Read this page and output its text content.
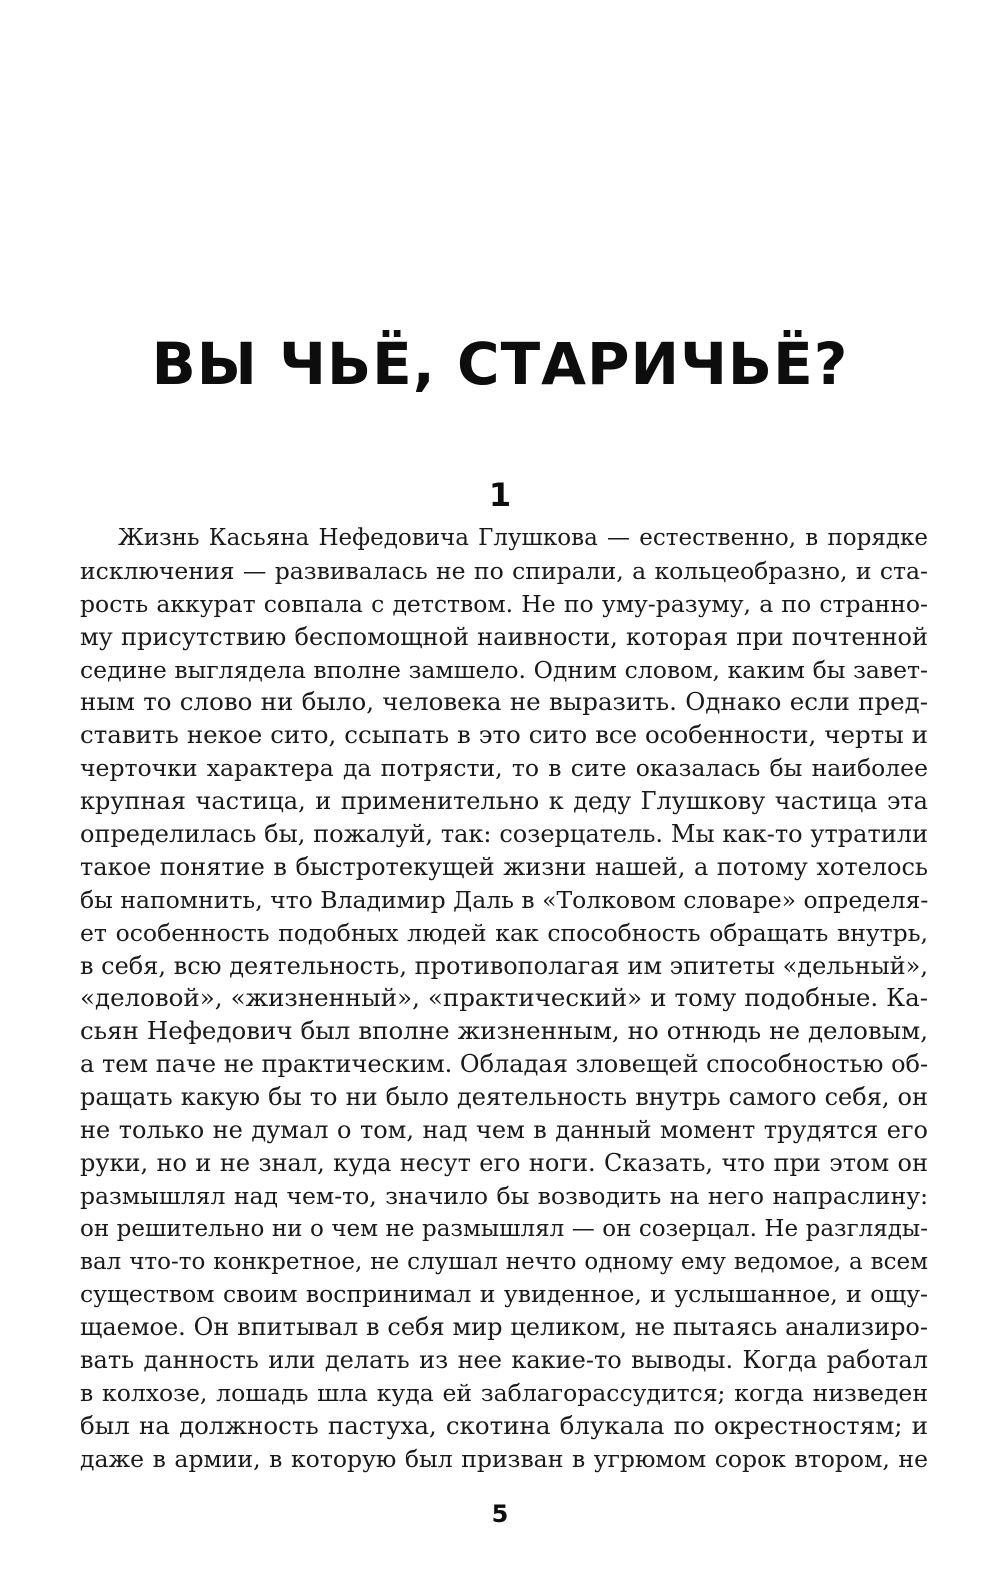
ВЫ ЧЬЁ, СТАРИЧЬЁ?
1
Жизнь Касьяна Нефедовича Глушкова — естественно, в порядке
исключения — развивалась не по спирали, а кольцеобразно, и ста-
рость аккурат совпала с детством. Не по уму-разуму, а по странно-
му присутствию беспомощной наивности, которая при почтенной
седине выглядела вполне замшело. Одним словом, каким бы завет-
ным то слово ни было, человека не выразить. Однако если пред-
ставить некое сито, ссыпать в это сито все особенности, черты и
черточки характера да потрясти, то в сите оказалась бы наиболее
крупная частица, и применительно к деду Глушкову частица эта
определилась бы, пожалуй, так: созерцатель. Мы как-то утратили
такое понятие в быстротекущей жизни нашей, а потому хотелось
бы напомнить, что Владимир Даль в «Толковом словаре» определя-
ет особенность подобных людей как способность обращать внутрь,
в себя, всю деятельность, противополагая им эпитеты «дельный»,
«деловой», «жизненный», «практический» и тому подобные. Ка-
сьян Нефедович был вполне жизненным, но отнюдь не деловым,
а тем паче не практическим. Обладая зловещей способностью об-
ращать какую бы то ни было деятельность внутрь самого себя, он
не только не думал о том, над чем в данный момент трудятся его
руки, но и не знал, куда несут его ноги. Сказать, что при этом он
размышлял над чем-то, значило бы возводить на него напраслину:
он решительно ни о чем не размышлял — он созерцал. Не разгляды-
вал что-то конкретное, не слушал нечто одному ему ведомое, а всем
существом своим воспринимал и увиденное, и услышанное, и ощу-
щаемое. Он впитывал в себя мир целиком, не пытаясь анализиро-
вать данность или делать из нее какие-то выводы. Когда работал
в колхозе, лошадь шла куда ей заблагорассудится; когда низведен
был на должность пастуха, скотина блукала по окрестностям; и
даже в армии, в которую был призван в угрюмом сорок втором, не
5
